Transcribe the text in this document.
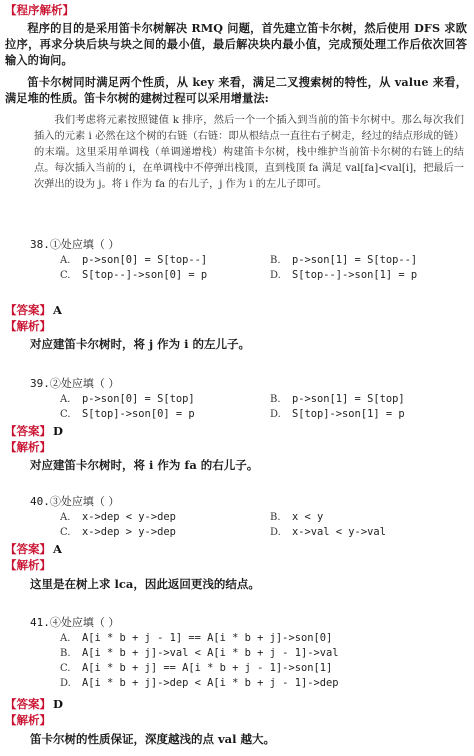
【程序解析】
程序的目的是采用笛卡尔树解决 RMQ 问题，首先建立笛卡尔树，然后使用 DFS 求欧拉序，再求分块后块与块之间的最小值，最后解决块内最小值，完成预处理工作后依次回答输入的询问。
笛卡尔树同时满足两个性质，从 key 来看，满足二叉搜索树的特性，从 value 来看，满足堆的性质。笛卡尔树的建树过程可以采用增量法:
我们考虑将元素按照键值 k 排序，然后一个一个插入到当前的笛卡尔树中。那么每次我们插入的元素 i 必然在这个树的右链（右链：即从根结点一直往右子树走，经过的结点形成的链）的末端。这里采用单调栈（单调递增栈）构建笛卡尔树，栈中维护当前笛卡尔树的右链上的结点。每次插入当前的 i，在单调栈中不停弹出栈顶，直到栈顶 fa 满足 val[fa]<val[i]，把最后一次弹出的设为 j。将 i 作为 fa 的右儿子，j 作为 i 的左儿子即可。
38.①处应填（ ）
A. p->son[0] = S[top--]	B. p->son[1] = S[top--]
C. S[top--]->son[0] = p	D. S[top--]->son[1] = p
【答案】 A
【解析】
对应建笛卡尔树时，将 j 作为 i 的左儿子。
39.②处应填（ ）
A. p->son[0] = S[top]	B. p->son[1] = S[top]
C. S[top]->son[0] = p	D. S[top]->son[1] = p
【答案】 D
【解析】
对应建笛卡尔树时，将 i 作为 fa 的右儿子。
40.③处应填（ ）
A. x->dep < y->dep	B. x < y
C. x->dep > y->dep	D. x->val < y->val
【答案】 A
【解析】
这里是在树上求 lca，因此返回更浅的结点。
41.④处应填（ ）
A. A[i * b + j - 1] == A[i * b + j]->son[0]
B. A[i * b + j]->val < A[i * b + j - 1]->val
C. A[i * b + j] == A[i * b + j - 1]->son[1]
D. A[i * b + j]->dep < A[i * b + j - 1]->dep
【答案】 D
【解析】
笛卡尔树的性质保证，深度越浅的点 val 越大。
